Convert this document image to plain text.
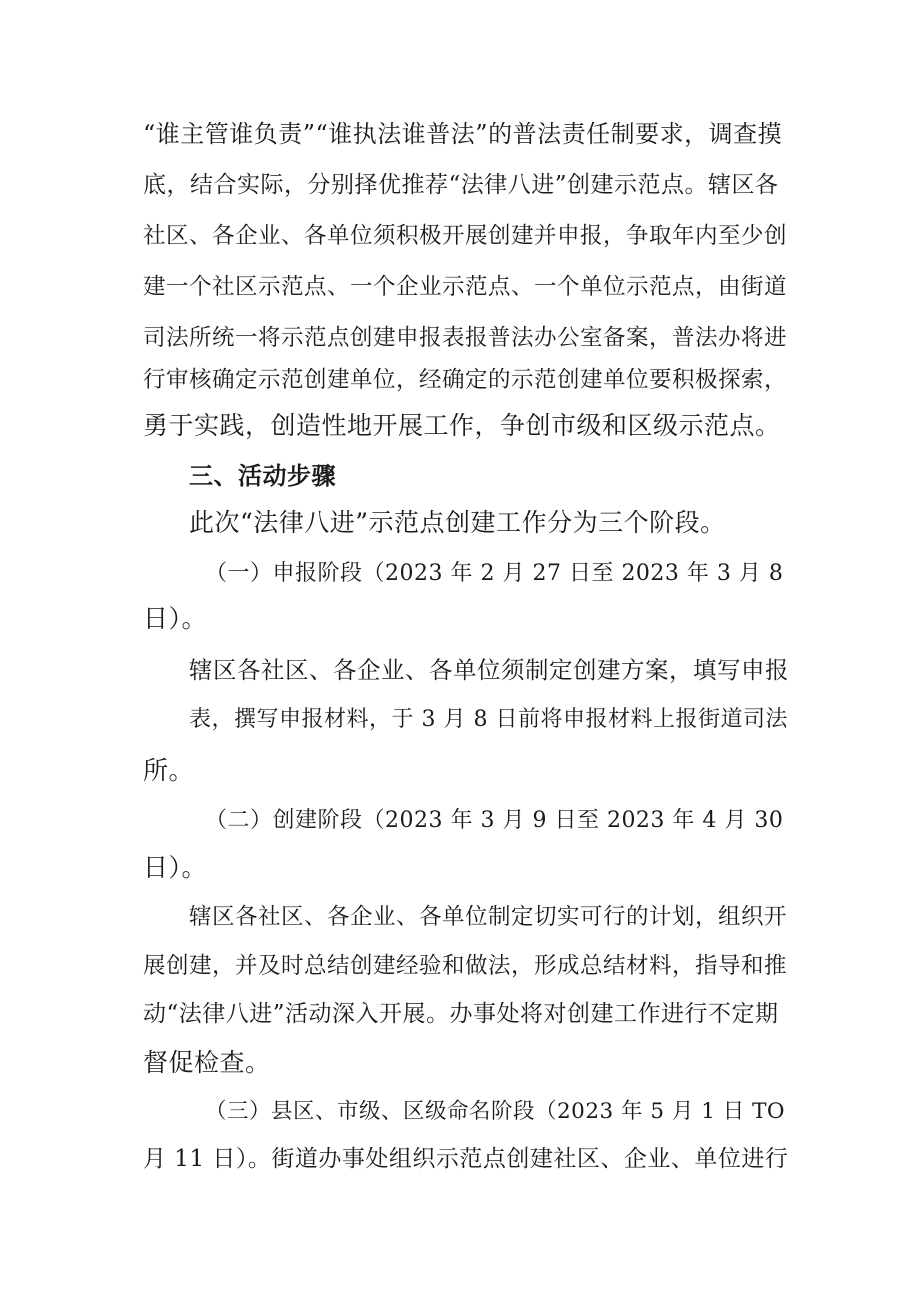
“谁主管谁负责”“谁执法谁普法”的普法责任制要求，调查摸
底，结合实际，分别择优推荐“法律八进”创建示范点。辖区各
社区、各企业、各单位须积极开展创建并申报，争取年内至少创
建一个社区示范点、一个企业示范点、一个单位示范点，由街道
司法所统一将示范点创建申报表报普法办公室备案，普法办将进
行审核确定示范创建单位，经确定的示范创建单位要积极探索，
勇于实践，创造性地开展工作，争创市级和区级示范点。
三、活动步骤
此次“法律八进”示范点创建工作分为三个阶段。
（一）申报阶段（2023 年 2 月 27 日至 2023 年 3 月 8
日）。
辖区各社区、各企业、各单位须制定创建方案，填写申报
表，撰写申报材料，于 3 月 8 日前将申报材料上报街道司法
所。
（二）创建阶段（2023 年 3 月 9 日至 2023 年 4 月 30
日）。
辖区各社区、各企业、各单位制定切实可行的计划，组织开
展创建，并及时总结创建经验和做法，形成总结材料，指导和推
动“法律八进”活动深入开展。办事处将对创建工作进行不定期
督促检查。
（三）县区、市级、区级命名阶段（2023 年 5 月 1 日 TO
月 11 日）。街道办事处组织示范点创建社区、企业、单位进行
